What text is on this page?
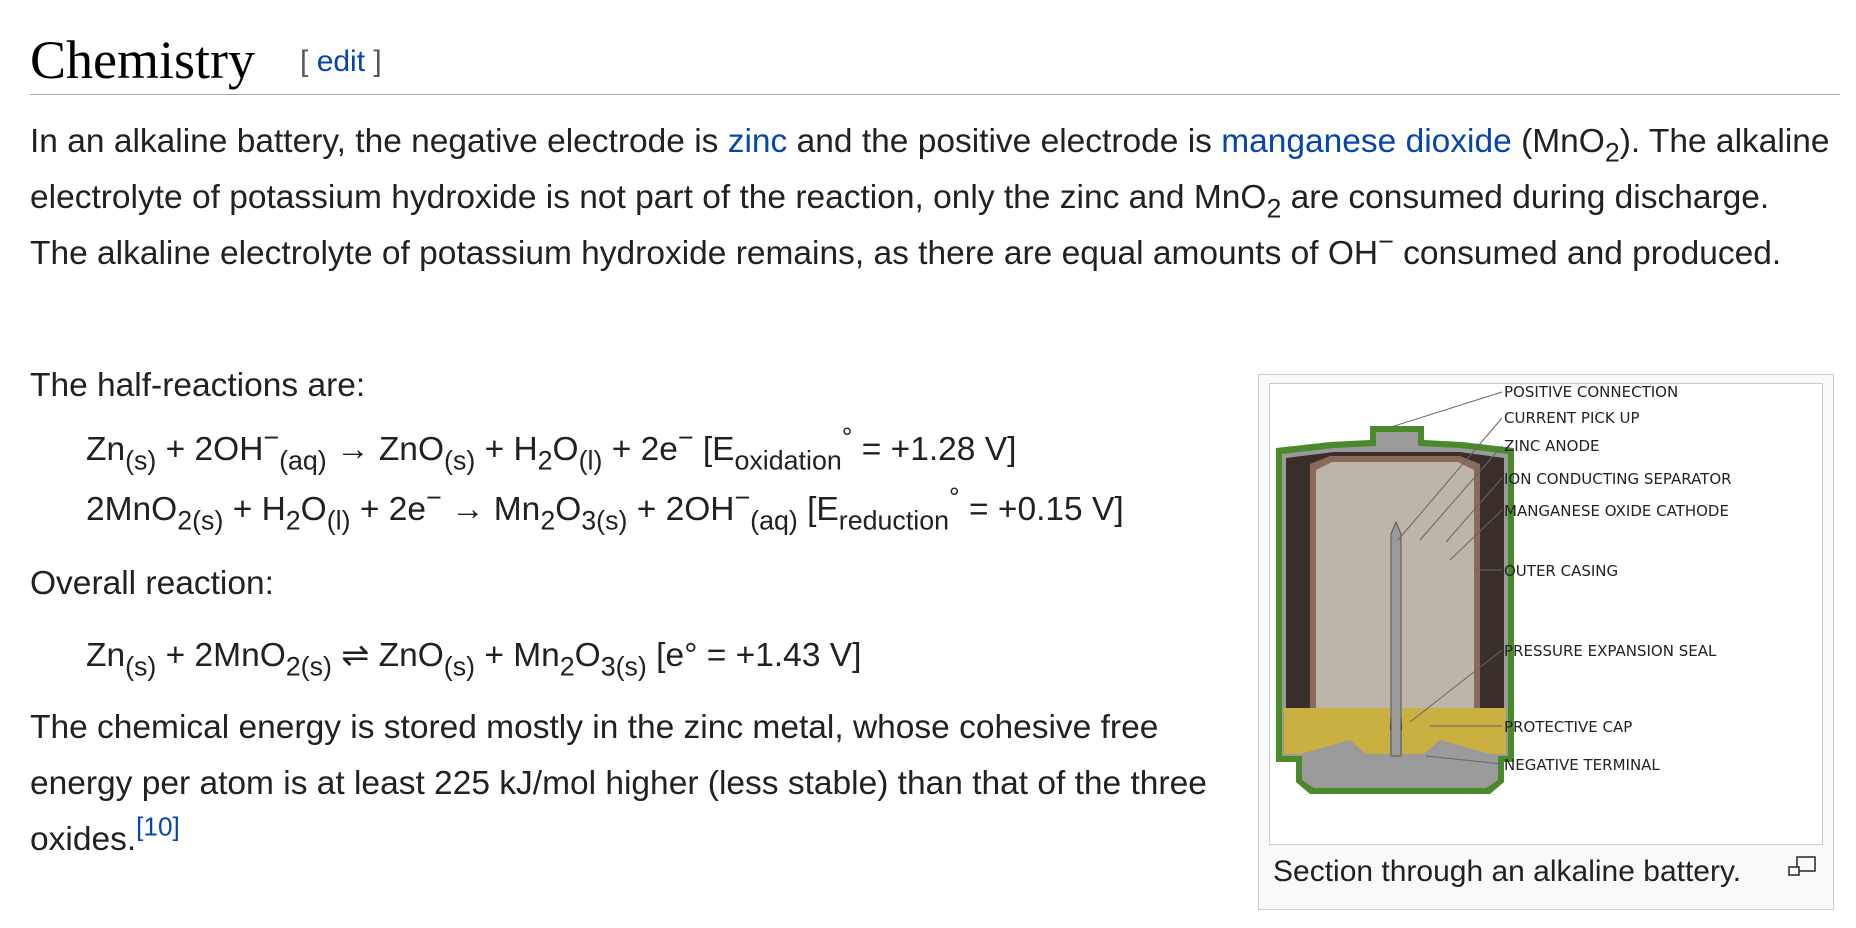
Chemistry [ edit ]

In an alkaline battery, the negative electrode is zinc and the positive electrode is manganese dioxide (MnO$_2$). The alkaline electrolyte of potassium hydroxide is not part of the reaction, only the zinc and MnO$_2$ are consumed during discharge. The alkaline electrolyte of potassium hydroxide remains, as there are equal amounts of OH− consumed and produced.

The half-reactions are:

$Zn_{(s)} + 2OH^-_{(aq)} \to ZnO_{(s)} + H_2O_{(l)} + 2e^-$ [$E_{oxidation}^\circ = +1.28$ V]
$2MnO_{2(s)} + H_2O_{(l)} + 2e^- \to Mn_2O_{3(s)} + 2OH^-_{(aq)}$ [$E_{reduction}^\circ = +0.15$ V]

Overall reaction:

$Zn_{(s)} + 2MnO_{2(s)}$ ⇌ $ZnO_{(s)} + Mn_2O_{3(s)}$ [e° = +1.43 V]

The chemical energy is stored mostly in the zinc metal, whose cohesive free energy per atom is at least 225 kJ/mol higher (less stable) than that of the three oxides.[10]

POSITIVE CONNECTION
CURRENT PICK UP
ZINC ANODE
ION CONDUCTING SEPARATOR
MANGANESE OXIDE CATHODE
OUTER CASING
PRESSURE EXPANSION SEAL
PROTECTIVE CAP
NEGATIVE TERMINAL
Section through an alkaline battery.
